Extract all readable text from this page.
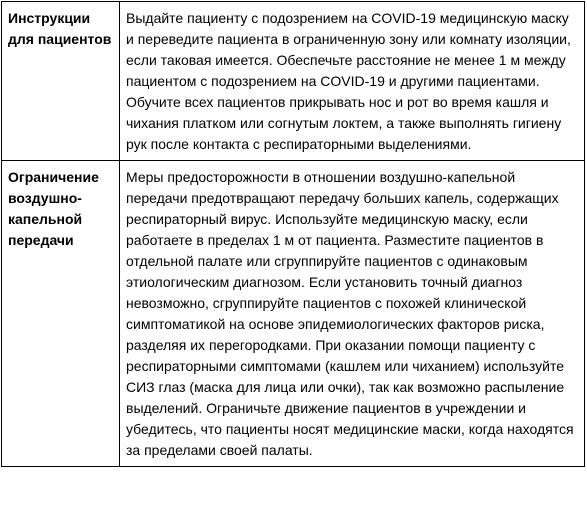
Инструкции для пациентов	Выдайте пациенту с подозрением на COVID-19 медицинскую маску и переведите пациента в ограниченную зону или комнату изоляции, если таковая имеется. Обеспечьте расстояние не менее 1 м между пациентом с подозрением на COVID-19 и другими пациентами. Обучите всех пациентов прикрывать нос и рот во время кашля и чихания платком или согнутым локтем, а также выполнять гигиену рук после контакта с респираторными выделениями.
Ограничение воздушно-капельной передачи	Меры предосторожности в отношении воздушно-капельной передачи предотвращают передачу больших капель, содержащих респираторный вирус. Используйте медицинскую маску, если работаете в пределах 1 м от пациента. Разместите пациентов в отдельной палате или сгруппируйте пациентов с одинаковым этиологическим диагнозом. Если установить точный диагноз невозможно, сгруппируйте пациентов с похожей клинической симптоматикой на основе эпидемиологических факторов риска, разделяя их перегородками. При оказании помощи пациенту с респираторными симптомами (кашлем или чиханием) используйте СИЗ глаз (маска для лица или очки), так как возможно распыление выделений. Ограничьте движение пациентов в учреждении и убедитесь, что пациенты носят медицинские маски, когда находятся за пределами своей палаты.
